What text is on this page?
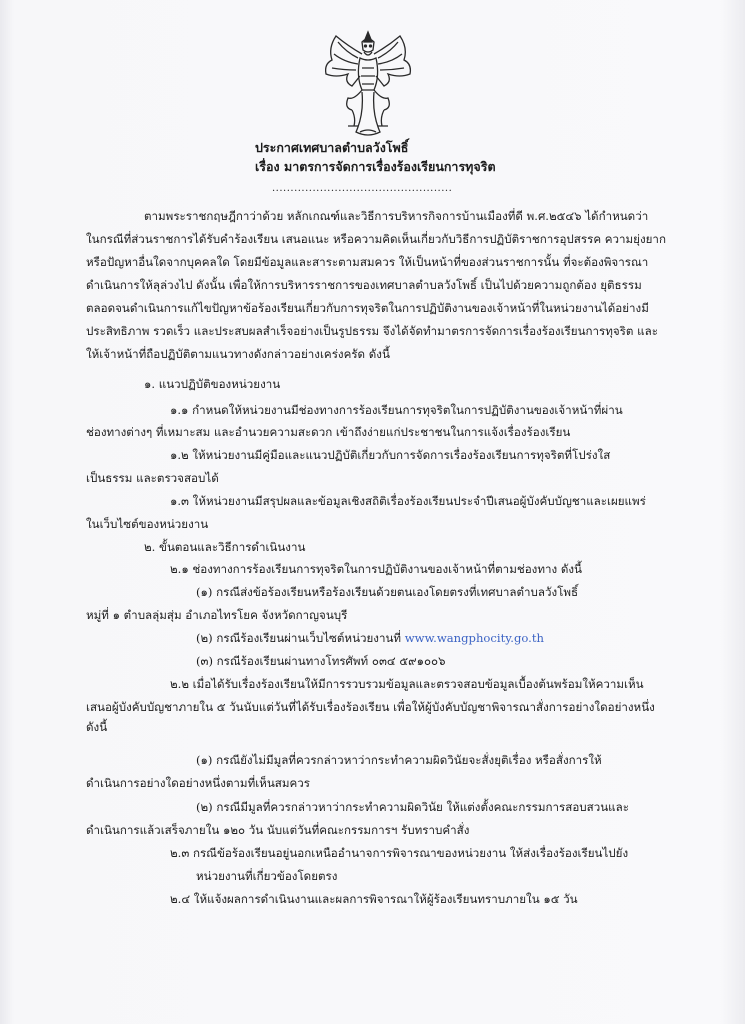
ประกาศเทศบาลตำบลวังโพธิ์
เรื่อง มาตรการจัดการเรื่องร้องเรียนการทุจริต
.................................................
ตามพระราชกฤษฎีกาว่าด้วย หลักเกณฑ์และวิธีการบริหารกิจการบ้านเมืองที่ดี พ.ศ.๒๕๔๖ ได้กำหนดว่า
ในกรณีที่ส่วนราชการได้รับคำร้องเรียน เสนอแนะ หรือความคิดเห็นเกี่ยวกับวิธีการปฏิบัติราชการอุปสรรค ความยุ่งยาก
หรือปัญหาอื่นใดจากบุคคลใด โดยมีข้อมูลและสาระตามสมควร ให้เป็นหน้าที่ของส่วนราชการนั้น ที่จะต้องพิจารณา
ดำเนินการให้ลุล่วงไป ดังนั้น เพื่อให้การบริหารราชการของเทศบาลตำบลวังโพธิ์ เป็นไปด้วยความถูกต้อง ยุติธรรม
ตลอดจนดำเนินการแก้ไขปัญหาข้อร้องเรียนเกี่ยวกับการทุจริตในการปฏิบัติงานของเจ้าหน้าที่ในหน่วยงานได้อย่างมี
ประสิทธิภาพ รวดเร็ว และประสบผลสำเร็จอย่างเป็นรูปธรรม จึงได้จัดทำมาตรการจัดการเรื่องร้องเรียนการทุจริต และ
ให้เจ้าหน้าที่ถือปฏิบัติตามแนวทางดังกล่าวอย่างเคร่งครัด ดังนี้
๑. แนวปฏิบัติของหน่วยงาน
๑.๑ กำหนดให้หน่วยงานมีช่องทางการร้องเรียนการทุจริตในการปฏิบัติงานของเจ้าหน้าที่ผ่าน
ช่องทางต่างๆ ที่เหมาะสม และอำนวยความสะดวก เข้าถึงง่ายแก่ประชาชนในการแจ้งเรื่องร้องเรียน
๑.๒ ให้หน่วยงานมีคู่มือและแนวปฏิบัติเกี่ยวกับการจัดการเรื่องร้องเรียนการทุจริตที่โปร่งใส
เป็นธรรม และตรวจสอบได้
๑.๓ ให้หน่วยงานมีสรุปผลและข้อมูลเชิงสถิติเรื่องร้องเรียนประจำปีเสนอผู้บังคับบัญชาและเผยแพร่
ในเว็บไซต์ของหน่วยงาน
๒. ขั้นตอนและวิธีการดำเนินงาน
๒.๑ ช่องทางการร้องเรียนการทุจริตในการปฏิบัติงานของเจ้าหน้าที่ตามช่องทาง ดังนี้
(๑) กรณีส่งข้อร้องเรียนหรือร้องเรียนด้วยตนเองโดยตรงที่เทศบาลตำบลวังโพธิ์
หมู่ที่ ๑ ตำบลลุ่มสุ่ม อำเภอไทรโยค จังหวัดกาญจนบุรี
(๒) กรณีร้องเรียนผ่านเว็บไซต์หน่วยงานที่ www.wangphocity.go.th
(๓) กรณีร้องเรียนผ่านทางโทรศัพท์ ๐๓๔ ๕๙๑๐๐๖
๒.๒ เมื่อได้รับเรื่องร้องเรียนให้มีการรวบรวมข้อมูลและตรวจสอบข้อมูลเบื้องต้นพร้อมให้ความเห็น
เสนอผู้บังคับบัญชาภายใน ๕ วันนับแต่วันที่ได้รับเรื่องร้องเรียน เพื่อให้ผู้บังคับบัญชาพิจารณาสั่งการอย่างใดอย่างหนึ่ง
ดังนี้
(๑) กรณียังไม่มีมูลที่ควรกล่าวหาว่ากระทำความผิดวินัยจะสั่งยุติเรื่อง หรือสั่งการให้
ดำเนินการอย่างใดอย่างหนึ่งตามที่เห็นสมควร
(๒) กรณีมีมูลที่ควรกล่าวหาว่ากระทำความผิดวินัย ให้แต่งตั้งคณะกรรมการสอบสวนและ
ดำเนินการแล้วเสร็จภายใน ๑๒๐ วัน นับแต่วันที่คณะกรรมการฯ รับทราบคำสั่ง
๒.๓ กรณีข้อร้องเรียนอยู่นอกเหนืออำนาจการพิจารณาของหน่วยงาน ให้ส่งเรื่องร้องเรียนไปยัง
หน่วยงานที่เกี่ยวข้องโดยตรง
๒.๔ ให้แจ้งผลการดำเนินงานและผลการพิจารณาให้ผู้ร้องเรียนทราบภายใน ๑๕ วัน
